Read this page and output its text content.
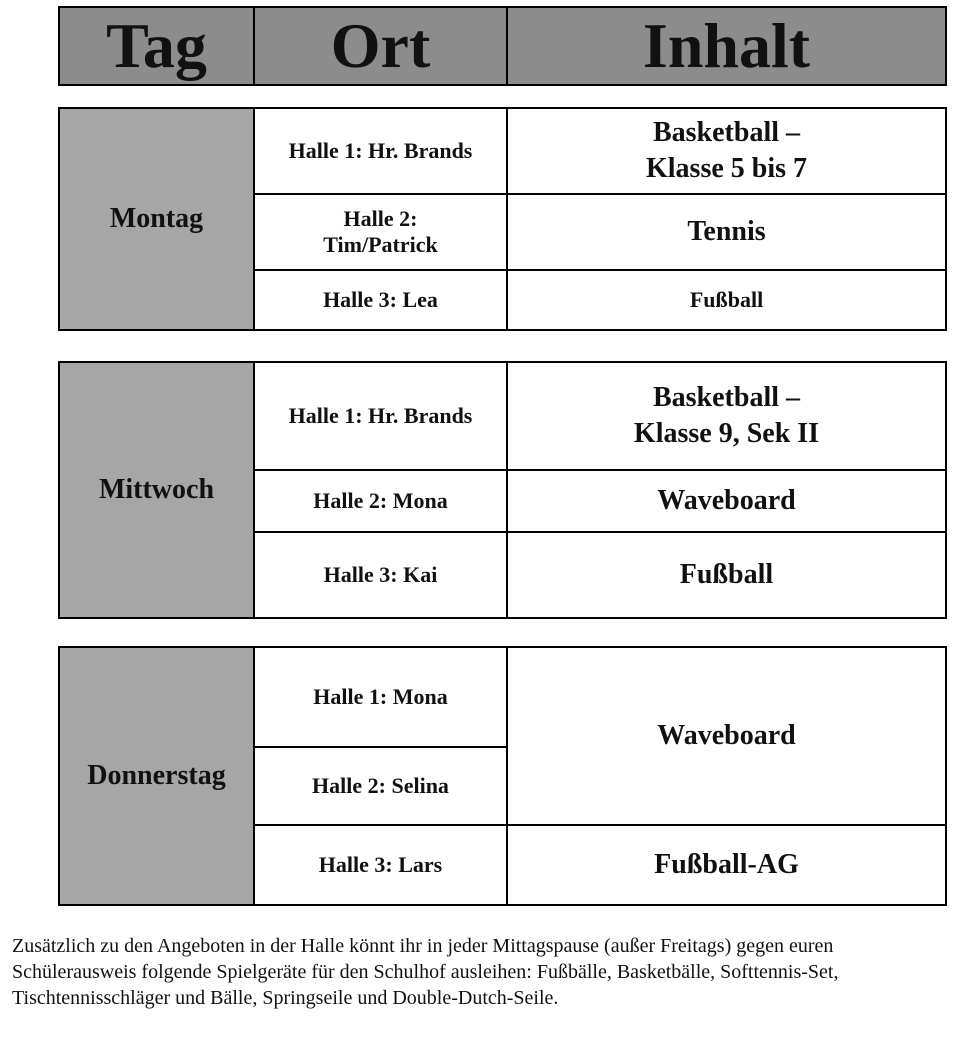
Tag	Ort	Inhalt
Montag	Halle 1: Hr. Brands	Basketball –
Klasse 5 bis 7

	Halle 2:
Tim/Patrick	Tennis
	Halle 3: Lea	Fußball
Mittwoch	Halle 1: Hr. Brands	Basketball –
Klasse 9, Sek II

	Halle 2: Mona	Waveboard
	Halle 3: Kai	Fußball
Donnerstag	Halle 1: Mona	Waveboard
	Halle 2: Selina	
	Halle 3: Lars	Fußball-AG

Zusätzlich zu den Angeboten in der Halle könnt ihr in jeder Mittagspause (außer Freitags) gegen euren Schülerausweis folgende Spielgeräte für den Schulhof ausleihen: Fußbälle, Basketbälle, Softtennis-Set, Tischtennisschläger und Bälle, Springseile und Double-Dutch-Seile.
